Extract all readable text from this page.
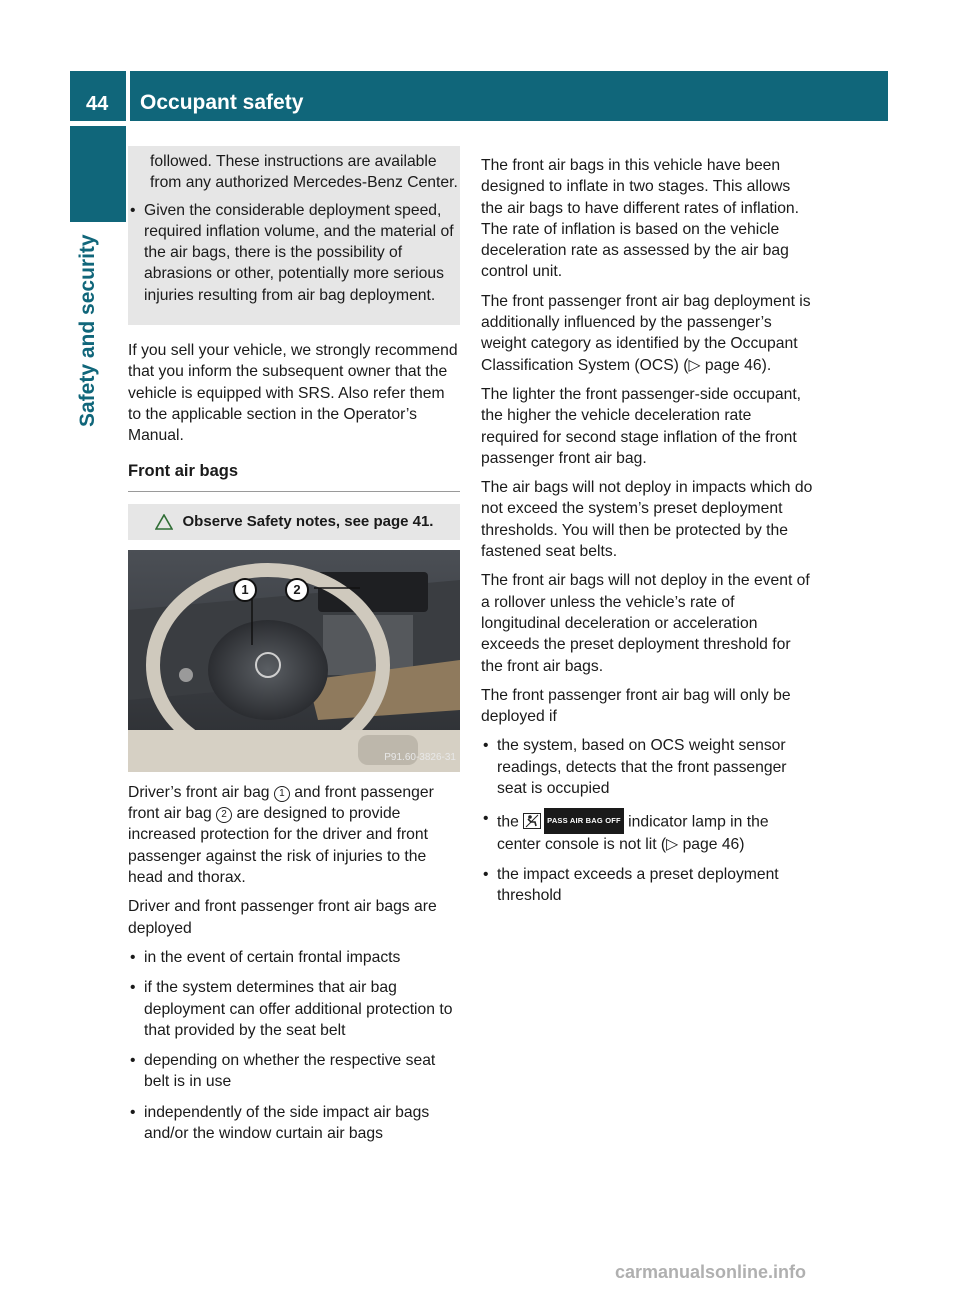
44 Occupant safety
Safety and security

followed. These instructions are available from any authorized Mercedes-Benz Center.

• Given the considerable deployment speed, required inflation volume, and the material of the air bags, there is the possibility of abrasions or other, potentially more serious injuries resulting from air bag deployment.

If you sell your vehicle, we strongly recommend that you inform the subsequent owner that the vehicle is equipped with SRS. Also refer them to the applicable section in the Operator’s Manual.

Front air bags
Observe Safety notes, see page 41.
1	2
P91.60-3826-31

Driver’s front air bag 1 and front passenger front air bag 2 are designed to provide increased protection for the driver and front passenger against the risk of injuries to the head and thorax.

Driver and front passenger front air bags are deployed

• in the event of certain frontal impacts
• if the system determines that air bag deployment can offer additional protection to that provided by the seat belt
• depending on whether the respective seat belt is in use
• independently of the side impact air bags and/or the window curtain air bags

The front air bags in this vehicle have been designed to inflate in two stages. This allows the air bags to have different rates of inflation. The rate of inflation is based on the vehicle deceleration rate as assessed by the air bag control unit.

The front passenger front air bag deployment is additionally influenced by the passenger’s weight category as identified by the Occupant Classification System (OCS) (▷ page 46).

The lighter the front passenger-side occupant, the higher the vehicle deceleration rate required for second stage inflation of the front passenger front air bag.

The air bags will not deploy in impacts which do not exceed the system’s preset deployment thresholds. You will then be protected by the fastened seat belts.

The front air bags will not deploy in the event of a rollover unless the vehicle’s rate of longitudinal deceleration or acceleration exceeds the preset deployment threshold for the front air bags.

The front passenger front air bag will only be deployed if

• the system, based on OCS weight sensor readings, detects that the front passenger seat is occupied
• the	PASS AIR BAG OFF indicator lamp in the center console is not lit (▷ page 46)
• the impact exceeds a preset deployment threshold
carmanualsonline.info
